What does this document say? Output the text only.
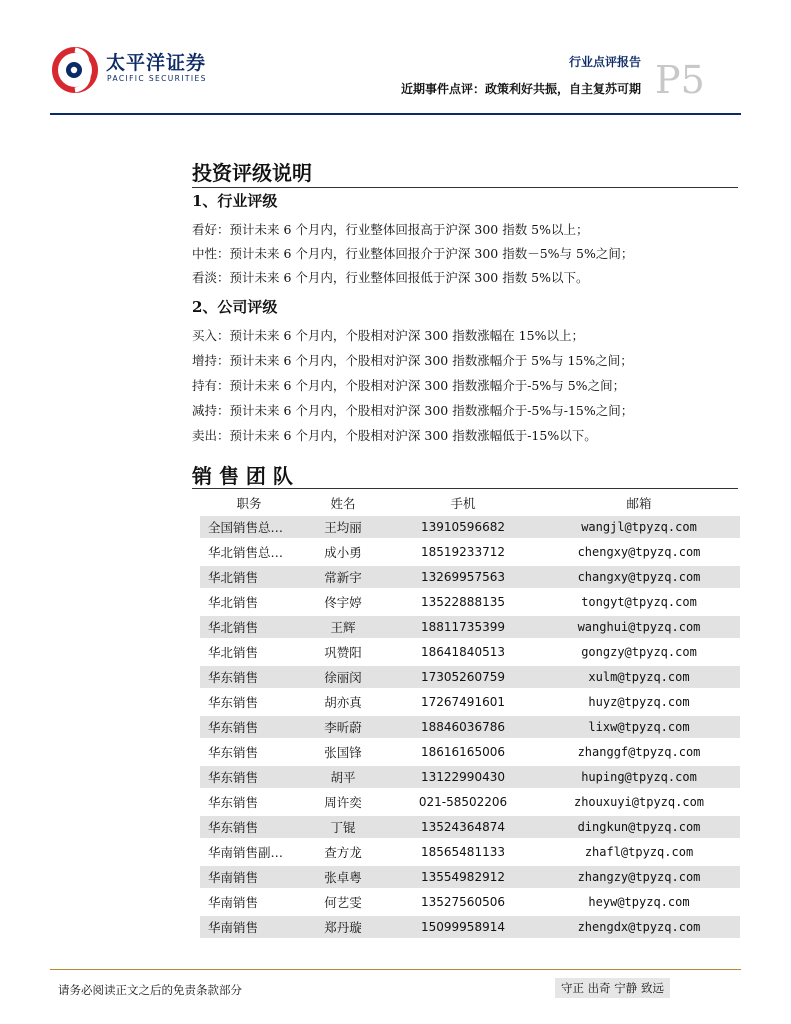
太平洋证券
PACIFIC SECURITIES
行业点评报告
近期事件点评：政策利好共振，自主复苏可期 P5
投资评级说明
1、行业评级
看好：预计未来 6 个月内，行业整体回报高于沪深 300 指数 5%以上；
中性：预计未来 6 个月内，行业整体回报介于沪深 300 指数－5%与 5%之间；
看淡：预计未来 6 个月内，行业整体回报低于沪深 300 指数 5%以下。
2、公司评级
买入：预计未来 6 个月内，个股相对沪深 300 指数涨幅在 15%以上；
增持：预计未来 6 个月内，个股相对沪深 300 指数涨幅介于 5%与 15%之间；
持有：预计未来 6 个月内，个股相对沪深 300 指数涨幅介于-5%与 5%之间；
减持：预计未来 6 个月内，个股相对沪深 300 指数涨幅介于-5%与-15%之间；
卖出：预计未来 6 个月内，个股相对沪深 300 指数涨幅低于-15%以下。
销 售 团 队
职务	姓名	手机	邮箱
全国销售总…	王均丽	13910596682	wangjl@tpyzq.com
华北销售总…	成小勇	18519233712	chengxy@tpyzq.com
华北销售	常新宇	13269957563	changxy@tpyzq.com
华北销售	佟宇婷	13522888135	tongyt@tpyzq.com
华北销售	王辉	18811735399	wanghui@tpyzq.com
华北销售	巩赞阳	18641840513	gongzy@tpyzq.com
华东销售	徐丽闵	17305260759	xulm@tpyzq.com
华东销售	胡亦真	17267491601	huyz@tpyzq.com
华东销售	李昕蔚	18846036786	lixw@tpyzq.com
华东销售	张国锋	18616165006	zhanggf@tpyzq.com
华东销售	胡平	13122990430	huping@tpyzq.com
华东销售	周许奕	021-58502206	zhouxuyi@tpyzq.com
华东销售	丁锟	13524364874	dingkun@tpyzq.com
华南销售副…	查方龙	18565481133	zhafl@tpyzq.com
华南销售	张卓粤	13554982912	zhangzy@tpyzq.com
华南销售	何艺雯	13527560506	heyw@tpyzq.com
华南销售	郑丹璇	15099958914	zhengdx@tpyzq.com
请务必阅读正文之后的免责条款部分	守正 出奇 宁静 致远
